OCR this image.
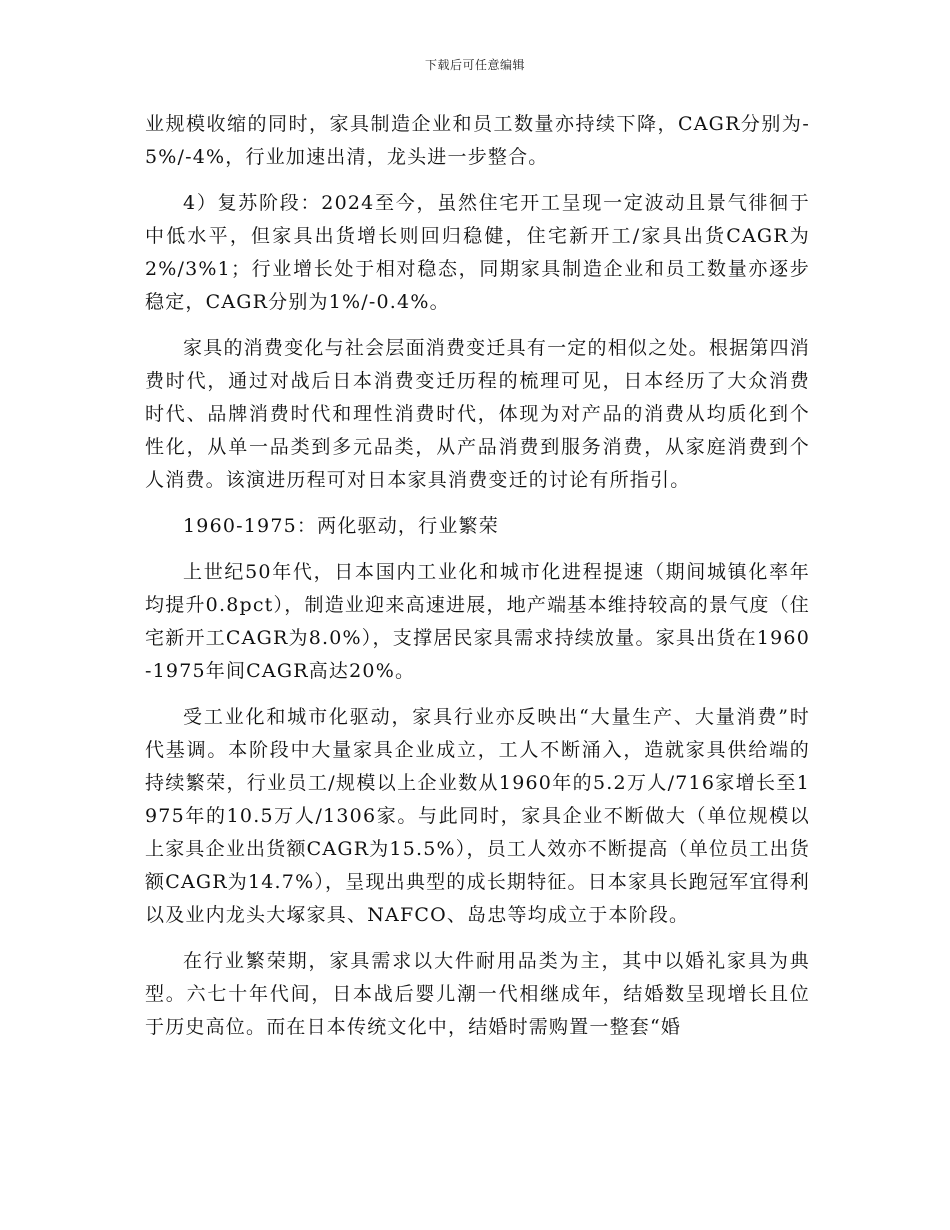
下载后可任意编辑

业规模收缩的同时，家具制造企业和员工数量亦持续下降，CAGR分别为-5%/-4%，行业加速出清，龙头进一步整合。

4）复苏阶段：2024至今，虽然住宅开工呈现一定波动且景气徘徊于中低水平，但家具出货增长则回归稳健，住宅新开工/家具出货CAGR为2%/3%1；行业增长处于相对稳态，同期家具制造企业和员工数量亦逐步稳定，CAGR分别为1%/-0.4%。

家具的消费变化与社会层面消费变迁具有一定的相似之处。根据第四消费时代，通过对战后日本消费变迁历程的梳理可见，日本经历了大众消费时代、品牌消费时代和理性消费时代，体现为对产品的消费从均质化到个性化，从单一品类到多元品类，从产品消费到服务消费，从家庭消费到个人消费。该演进历程可对日本家具消费变迁的讨论有所指引。

1960-1975：两化驱动，行业繁荣

上世纪50年代，日本国内工业化和城市化进程提速（期间城镇化率年均提升0.8pct），制造业迎来高速进展，地产端基本维持较高的景气度（住宅新开工CAGR为8.0%），支撑居民家具需求持续放量。家具出货在1960-1975年间CAGR高达20%。

受工业化和城市化驱动，家具行业亦反映出“大量生产、大量消费”时代基调。本阶段中大量家具企业成立，工人不断涌入，造就家具供给端的持续繁荣，行业员工/规模以上企业数从1960年的5.2万人/716家增长至1975年的10.5万人/1306家。与此同时，家具企业不断做大（单位规模以上家具企业出货额CAGR为15.5%），员工人效亦不断提高（单位员工出货额CAGR为14.7%），呈现出典型的成长期特征。日本家具长跑冠军宜得利以及业内龙头大塚家具、NAFCO、岛忠等均成立于本阶段。

在行业繁荣期，家具需求以大件耐用品类为主，其中以婚礼家具为典型。六七十年代间，日本战后婴儿潮一代相继成年，结婚数呈现增长且位于历史高位。而在日本传统文化中，结婚时需购置一整套“婚
